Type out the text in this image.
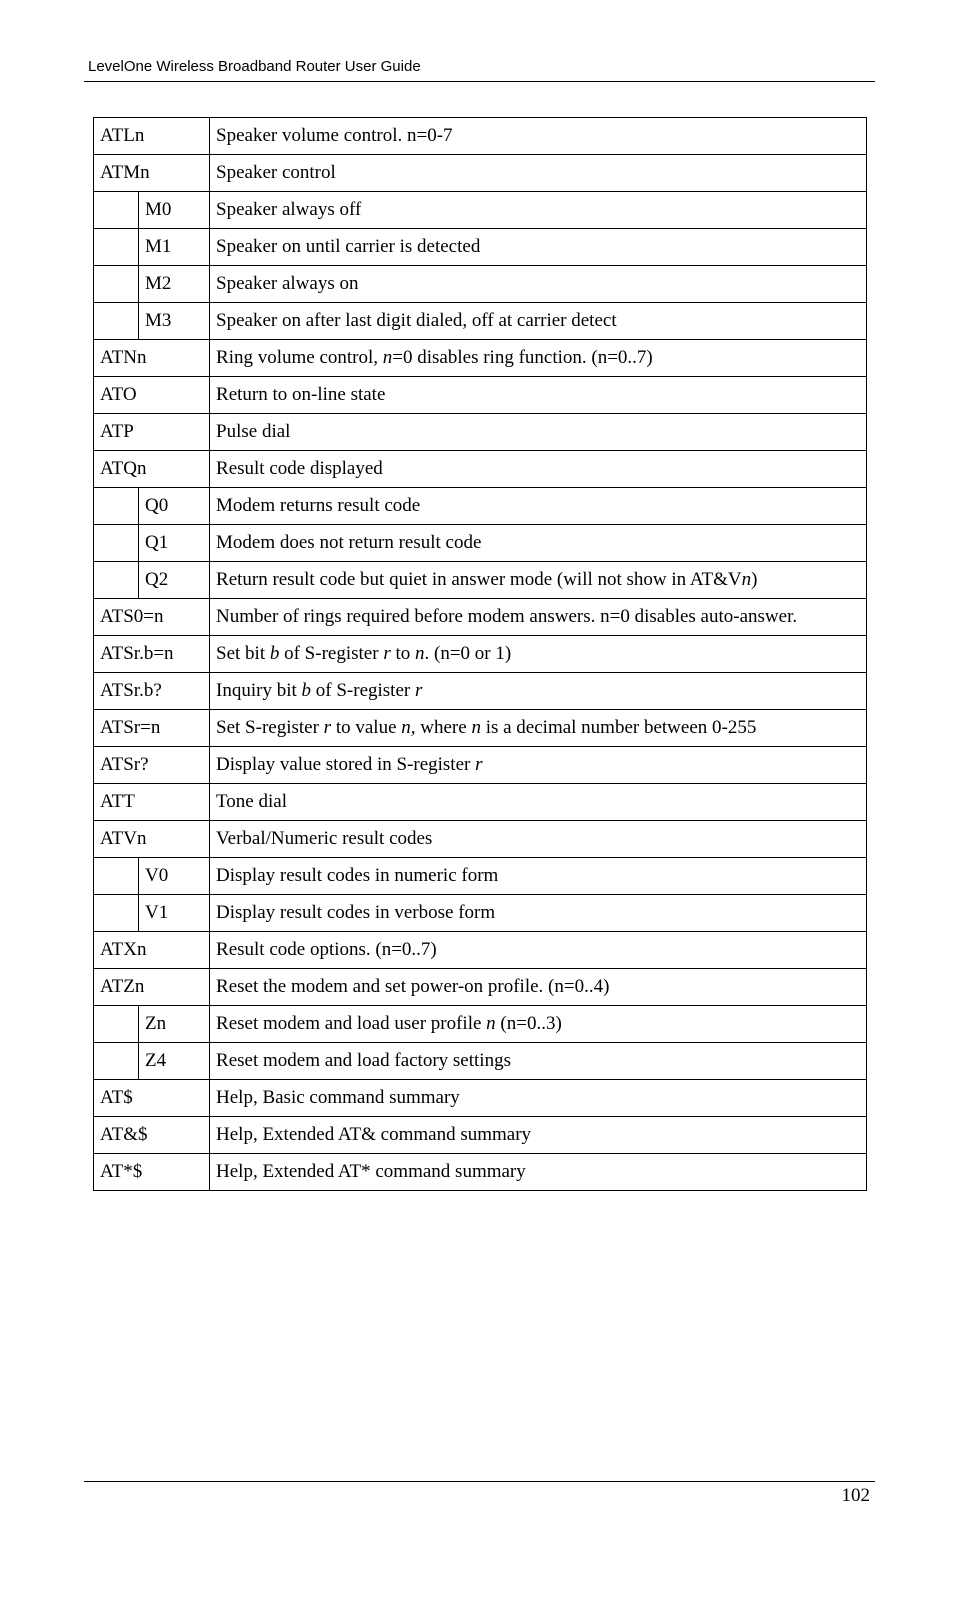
LevelOne Wireless Broadband Router User Guide
ATLn		Speaker volume control. n=0-7
ATMn		Speaker control
	M0	Speaker always off
	M1	Speaker on until carrier is detected
	M2	Speaker always on
	M3	Speaker on after last digit dialed, off at carrier detect
ATNn		Ring volume control, n=0 disables ring function. (n=0..7)
ATO		Return to on-line state
ATP		Pulse dial
ATQn		Result code displayed
	Q0	Modem returns result code
	Q1	Modem does not return result code
	Q2	Return result code but quiet in answer mode (will not show in AT&Vn)
ATS0=n		Number of rings required before modem answers. n=0 disables auto-answer.
ATSr.b=n		Set bit b of S-register r to n. (n=0 or 1)
ATSr.b?		Inquiry bit b of S-register r
ATSr=n		Set S-register r to value n, where n is a decimal number between 0-255
ATSr?		Display value stored in S-register r
ATT		Tone dial
ATVn		Verbal/Numeric result codes
	V0	Display result codes in numeric form
	V1	Display result codes in verbose form
ATXn		Result code options. (n=0..7)
ATZn		Reset the modem and set power-on profile. (n=0..4)
	Zn	Reset modem and load user profile n (n=0..3)
	Z4	Reset modem and load factory settings
AT$		Help, Basic command summary
AT&$		Help, Extended AT& command summary
AT*$		Help, Extended AT* command summary
102
